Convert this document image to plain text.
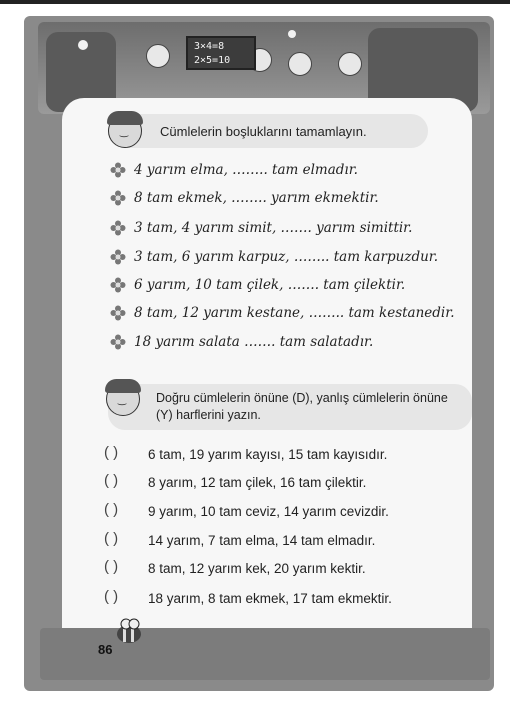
3×4=8
2×5=10
Cümlelerin boşluklarını tamamlayın.
‿
4 yarım elma, …….. tam elmadır.
8 tam ekmek, …….. yarım ekmektir.
3 tam, 4 yarım simit, ……. yarım simittir.
3 tam, 6 yarım karpuz, …….. tam karpuzdur.
6 yarım, 10 tam çilek, ……. tam çilektir.
8 tam, 12 yarım kestane, …….. tam kestanedir.
18 yarım salata ……. tam salatadır.
Doğru cümlelerin önüne (D), yanlış cümlelerin önüne
(Y) harflerini yazın.
‿
( ) 6 tam, 19 yarım kayısı, 15 tam kayısıdır.
( ) 8 yarım, 12 tam çilek, 16 tam çilektir.
( ) 9 yarım, 10 tam ceviz, 14 yarım cevizdir.
( ) 14 yarım, 7 tam elma, 14 tam elmadır.
( ) 8 tam, 12 yarım kek, 20 yarım kektir.
( ) 18 yarım, 8 tam ekmek, 17 tam ekmektir.
86
